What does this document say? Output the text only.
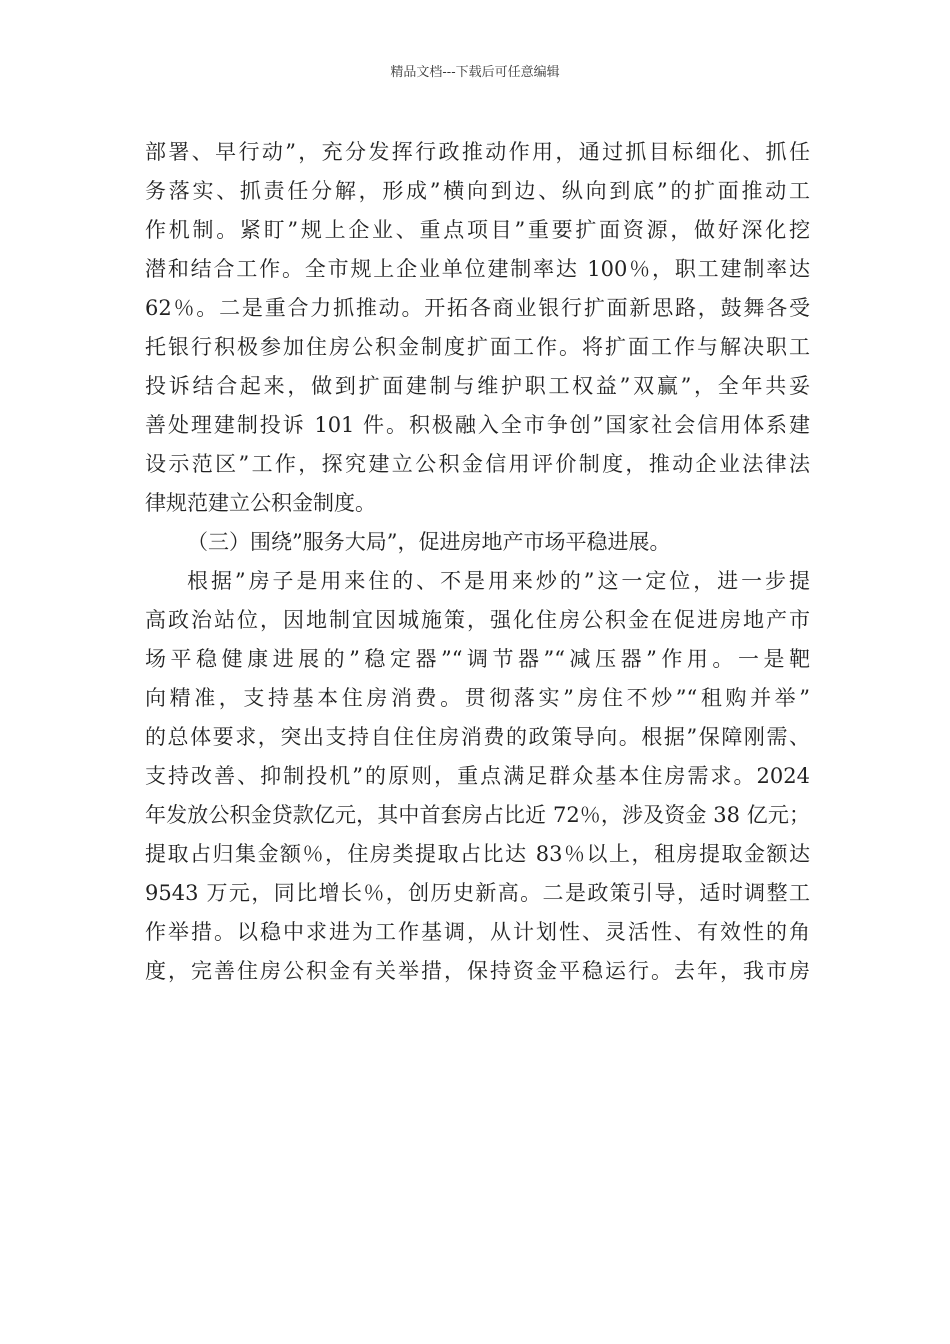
精品文档---下载后可任意编辑
部署、早行动”，充分发挥行政推动作用，通过抓目标细化、抓任
务落实、抓责任分解，形成”横向到边、纵向到底”的扩面推动工
作机制。紧盯”规上企业、重点项目”重要扩面资源，做好深化挖
潜和结合工作。全市规上企业单位建制率达 100％，职工建制率达
62％。二是重合力抓推动。开拓各商业银行扩面新思路，鼓舞各受
托银行积极参加住房公积金制度扩面工作。将扩面工作与解决职工
投诉结合起来，做到扩面建制与维护职工权益”双赢”，全年共妥
善处理建制投诉 101 件。积极融入全市争创”国家社会信用体系建
设示范区”工作，探究建立公积金信用评价制度，推动企业法律法
律规范建立公积金制度。
（三）围绕”服务大局”，促进房地产市场平稳进展。
根据”房子是用来住的、不是用来炒的”这一定位，进一步提
高政治站位，因地制宜因城施策，强化住房公积金在促进房地产市
场平稳健康进展的”稳定器”“调节器”“减压器”作用。一是靶
向精准，支持基本住房消费。贯彻落实”房住不炒”“租购并举”
的总体要求，突出支持自住住房消费的政策导向。根据”保障刚需、
支持改善、抑制投机”的原则，重点满足群众基本住房需求。2024
年发放公积金贷款亿元，其中首套房占比近 72％，涉及资金 38 亿元；
提取占归集金额％，住房类提取占比达 83％以上，租房提取金额达
9543 万元，同比增长％，创历史新高。二是政策引导，适时调整工
作举措。以稳中求进为工作基调，从计划性、灵活性、有效性的角
度，完善住房公积金有关举措，保持资金平稳运行。去年，我市房
